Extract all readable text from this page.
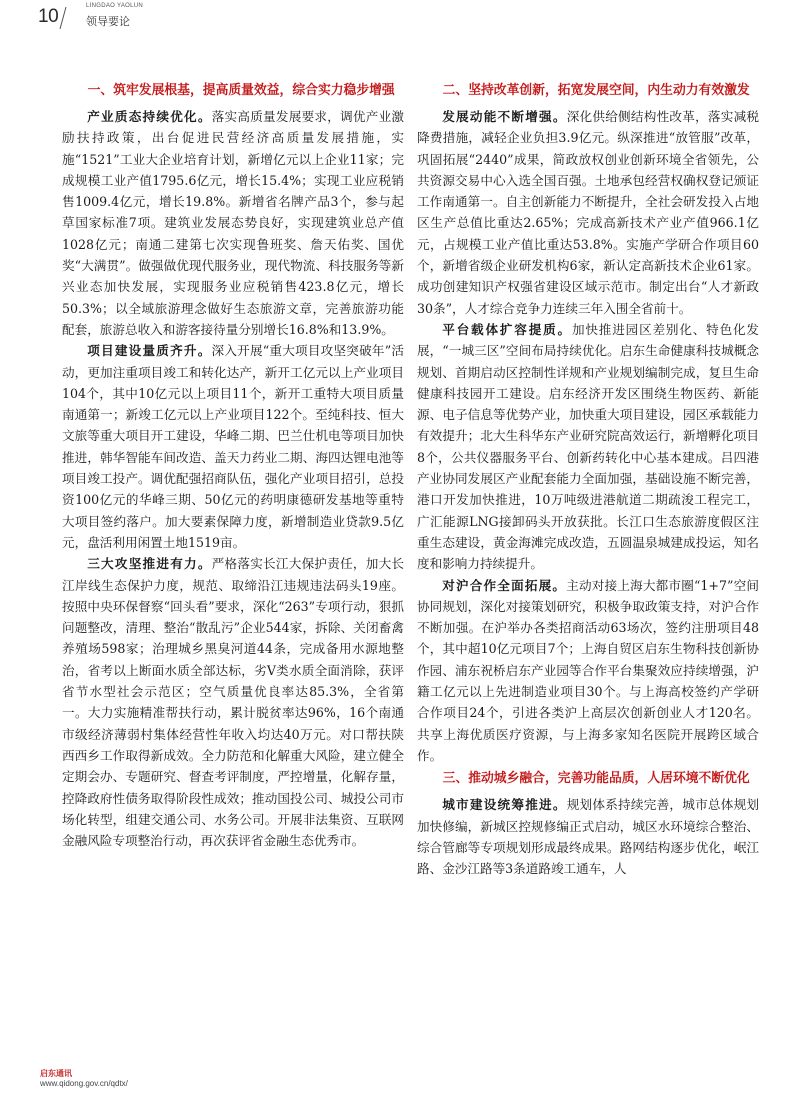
10	LINGDAO YAOLUN
领导要论
一、筑牢发展根基，提高质量效益，综合实力稳步增强

产业质态持续优化。落实高质量发展要求，调优产业激励扶持政策，出台促进民营经济高质量发展措施，实施“1521”工业大企业培育计划，新增亿元以上企业11家；完成规模工业产值1795.6亿元，增长15.4%；实现工业应税销售1009.4亿元，增长19.8%。新增省名牌产品3个，参与起草国家标准7项。建筑业发展态势良好，实现建筑业总产值1028亿元；南通二建第七次实现鲁班奖、詹天佑奖、国优奖“大满贯”。做强做优现代服务业，现代物流、科技服务等新兴业态加快发展，实现服务业应税销售423.8亿元，增长50.3%；以全域旅游理念做好生态旅游文章，完善旅游功能配套，旅游总收入和游客接待量分别增长16.8%和13.9%。

项目建设量质齐升。深入开展“重大项目攻坚突破年”活动，更加注重项目竣工和转化达产，新开工亿元以上产业项目104个，其中10亿元以上项目11个，新开工重特大项目质量南通第一；新竣工亿元以上产业项目122个。至纯科技、恒大文旅等重大项目开工建设，华峰二期、巴兰仕机电等项目加快推进，韩华智能车间改造、盖天力药业二期、海四达锂电池等项目竣工投产。调优配强招商队伍，强化产业项目招引，总投资100亿元的华峰三期、50亿元的药明康德研发基地等重特大项目签约落户。加大要素保障力度，新增制造业贷款9.5亿元，盘活利用闲置土地1519亩。

三大攻坚推进有力。严格落实长江大保护责任，加大长江岸线生态保护力度，规范、取缔沿江违规违法码头19座。按照中央环保督察“回头看”要求，深化“263”专项行动，狠抓问题整改，清理、整治“散乱污”企业544家，拆除、关闭畜禽养殖场598家；治理城乡黑臭河道44条，完成备用水源地整治，省考以上断面水质全部达标，劣V类水质全面消除，获评省节水型社会示范区；空气质量优良率达85.3%，全省第一。大力实施精准帮扶行动，累计脱贫率达96%，16个南通市级经济薄弱村集体经营性年收入均达40万元。对口帮扶陕西西乡工作取得新成效。全力防范和化解重大风险，建立健全定期会办、专题研究、督查考评制度，严控增量，化解存量，控降政府性债务取得阶段性成效；推动国投公司、城投公司市场化转型，组建交通公司、水务公司。开展非法集资、互联网金融风险专项整治行动，再次获评省金融生态优秀市。

二、坚持改革创新，拓宽发展空间，内生动力有效激发

发展动能不断增强。深化供给侧结构性改革，落实减税降费措施，减轻企业负担3.9亿元。纵深推进“放管服”改革，巩固拓展“2440”成果，简政放权创业创新环境全省领先，公共资源交易中心入选全国百强。土地承包经营权确权登记颁证工作南通第一。自主创新能力不断提升，全社会研发投入占地区生产总值比重达2.65%；完成高新技术产业产值966.1亿元，占规模工业产值比重达53.8%。实施产学研合作项目60个，新增省级企业研发机构6家，新认定高新技术企业61家。成功创建知识产权强省建设区域示范市。制定出台“人才新政30条”，人才综合竞争力连续三年入围全省前十。

平台载体扩容提质。加快推进园区差别化、特色化发展，“一城三区”空间布局持续优化。启东生命健康科技城概念规划、首期启动区控制性详规和产业规划编制完成，复旦生命健康科技园开工建设。启东经济开发区围绕生物医药、新能源、电子信息等优势产业，加快重大项目建设，园区承载能力有效提升；北大生科华东产业研究院高效运行，新增孵化项目8个，公共仪器服务平台、创新药转化中心基本建成。吕四港产业协同发展区产业配套能力全面加强，基础设施不断完善，港口开发加快推进，10万吨级进港航道二期疏浚工程完工，广汇能源LNG接卸码头开放获批。长江口生态旅游度假区注重生态建设，黄金海滩完成改造，五圆温泉城建成投运，知名度和影响力持续提升。

对沪合作全面拓展。主动对接上海大都市圈“1+7”空间协同规划，深化对接策划研究，积极争取政策支持，对沪合作不断加强。在沪举办各类招商活动63场次，签约注册项目48个，其中超10亿元项目7个；上海自贸区启东生物科技创新协作园、浦东祝桥启东产业园等合作平台集聚效应持续增强，沪籍工亿元以上先进制造业项目30个。与上海高校签约产学研合作项目24个，引进各类沪上高层次创新创业人才120名。共享上海优质医疗资源，与上海多家知名医院开展跨区域合作。

三、推动城乡融合，完善功能品质，人居环境不断优化

城市建设统筹推进。规划体系持续完善，城市总体规划加快修编，新城区控规修编正式启动，城区水环境综合整治、综合管廊等专项规划形成最终成果。路网结构逐步优化，岷江路、金沙江路等3条道路竣工通车，人

启东通讯
www.qidong.gov.cn/qdtx/
